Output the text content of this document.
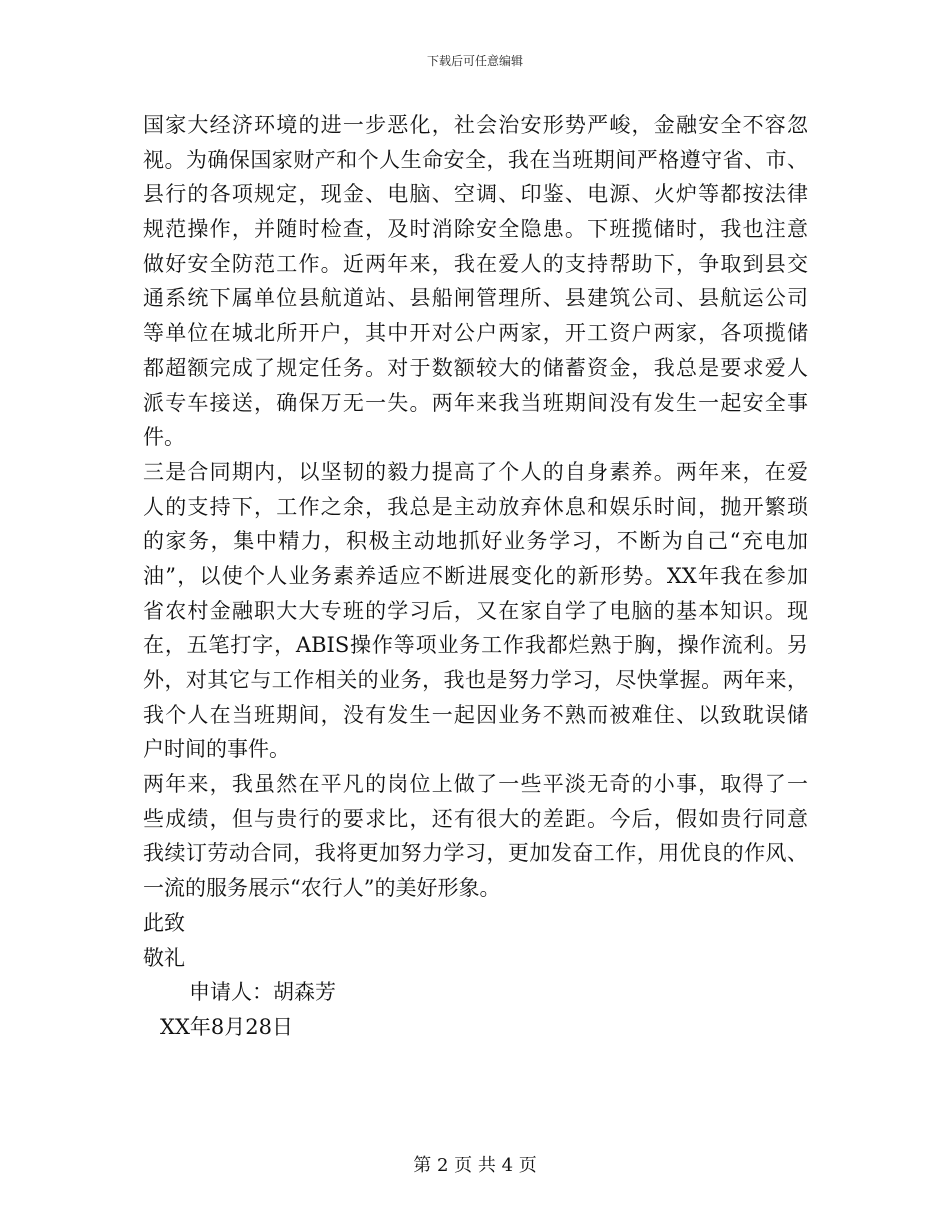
下载后可任意编辑
国家大经济环境的进一步恶化，社会治安形势严峻，金融安全不容忽
视。为确保国家财产和个人生命安全，我在当班期间严格遵守省、市、
县行的各项规定，现金、电脑、空调、印鉴、电源、火炉等都按法律
规范操作，并随时检查，及时消除安全隐患。下班揽储时，我也注意
做好安全防范工作。近两年来，我在爱人的支持帮助下，争取到县交
通系统下属单位县航道站、县船闸管理所、县建筑公司、县航运公司
等单位在城北所开户，其中开对公户两家，开工资户两家，各项揽储
都超额完成了规定任务。对于数额较大的储蓄资金，我总是要求爱人
派专车接送，确保万无一失。两年来我当班期间没有发生一起安全事
件。
三是合同期内，以坚韧的毅力提高了个人的自身素养。两年来，在爱
人的支持下，工作之余，我总是主动放弃休息和娱乐时间，抛开繁琐
的家务，集中精力，积极主动地抓好业务学习，不断为自己“充电加
油”，以使个人业务素养适应不断进展变化的新形势。XX年我在参加
省农村金融职大大专班的学习后，又在家自学了电脑的基本知识。现
在，五笔打字，ABIS操作等项业务工作我都烂熟于胸，操作流利。另
外，对其它与工作相关的业务，我也是努力学习，尽快掌握。两年来，
我个人在当班期间，没有发生一起因业务不熟而被难住、以致耽误储
户时间的事件。
两年来，我虽然在平凡的岗位上做了一些平淡无奇的小事，取得了一
些成绩，但与贵行的要求比，还有很大的差距。今后，假如贵行同意
我续订劳动合同，我将更加努力学习，更加发奋工作，用优良的作风、
一流的服务展示“农行人”的美好形象。
此致
敬礼
申请人：胡森芳
XX年8月28日
第 2 页 共 4 页
